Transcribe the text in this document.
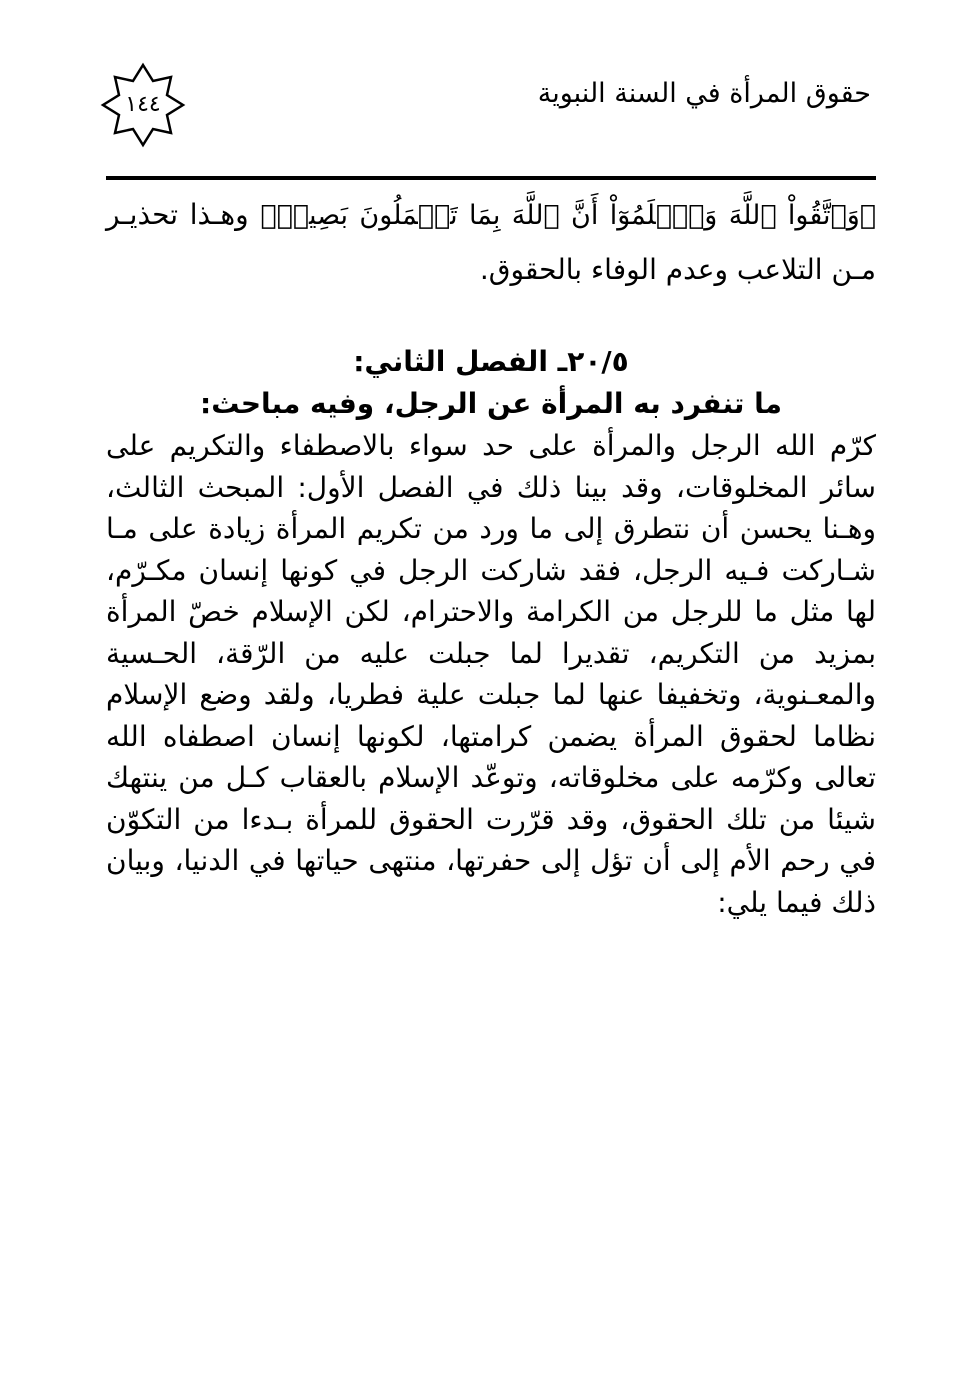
حقوق المرأة في السنة النبوية
١٤٤

﴿وَٱتَّقُواْ ٱللَّهَ وَٱعۡلَمُوٓاْ أَنَّ ٱللَّهَ بِمَا تَعۡمَلُونَ بَصِيرٞ﴾ وهـذا تحذيـر مـن التلاعب وعدم الوفاء بالحقوق.

٢٠/٥ـ الفصل الثاني:
ما تنفرد به المرأة عن الرجل، وفيه مباحث:

كرّم الله الرجل والمرأة على حد سواء بالاصطفاء والتكريم على سائر المخلوقات، وقد بينا ذلك في الفصل الأول: المبحث الثالث، وهـنا يحسن أن نتطرق إلى ما ورد من تكريم المرأة زيادة على مـا شـاركت فـيه الرجل، فقد شاركت الرجل في كونها إنسان مكـرّم، لها مثل ما للرجل من الكرامة والاحترام، لكن الإسلام خصّ المرأة بمزيد من التكريم، تقديرا لما جبلت عليه من الرّقة، الحـسية والمعـنوية، وتخفيفا عنها لما جبلت علية فطريا، ولقد وضع الإسلام نظاما لحقوق المرأة يضمن كرامتها، لكونها إنسان اصطفاه الله تعالى وكرّمه على مخلوقاته، وتوعّد الإسلام بالعقاب كـل من ينتهك شيئا من تلك الحقوق، وقد قرّرت الحقوق للمرأة بـدءا من التكوّن في رحم الأم إلى أن تؤل إلى حفرتها، منتهى حياتها في الدنيا، وبيان ذلك فيما يلي:
